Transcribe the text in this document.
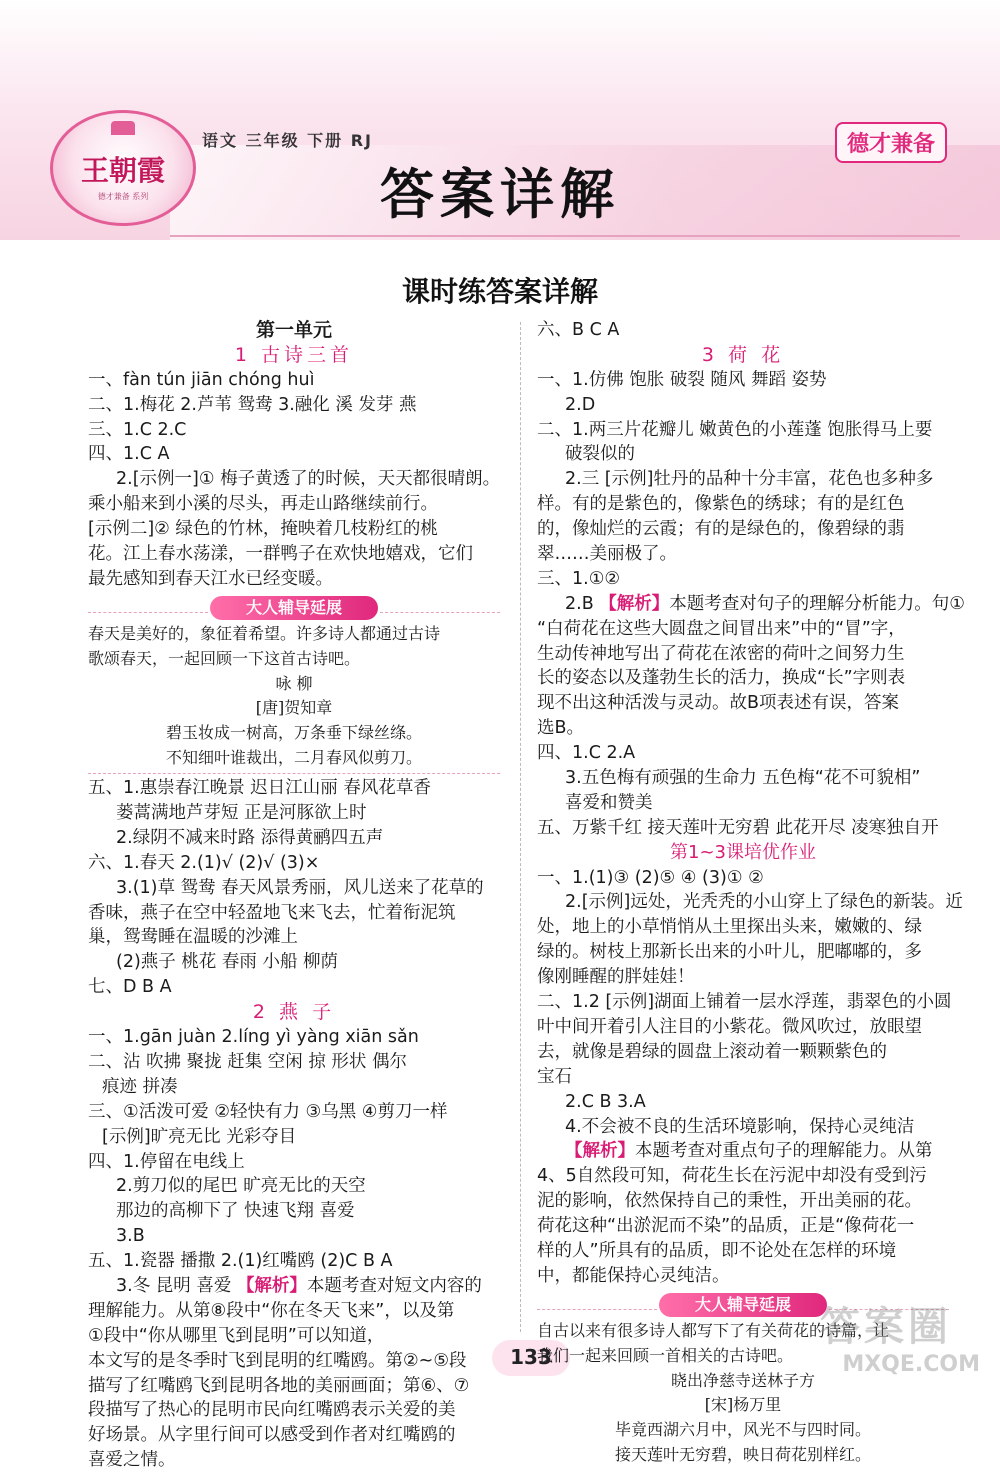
王朝霞
德才兼备 系列
语文 三年级 下册 RJ	德才兼备
答案详解
课时练答案详解
第一单元
1 古诗三首
一、fàn tún jiān chóng huì
二、1.梅花 2.芦苇 鸳鸯 3.融化 溪 发芽 燕
三、1.C 2.C
四、1.C A
2.[示例一]① 梅子黄透了的时候，天天都很晴朗。
乘小船来到小溪的尽头，再走山路继续前行。
[示例二]② 绿色的竹林，掩映着几枝粉红的桃
花。江上春水荡漾，一群鸭子在欢快地嬉戏，它们
最先感知到春天江水已经变暖。
大人辅导延展
春天是美好的，象征着希望。许多诗人都通过古诗
歌颂春天，一起回顾一下这首古诗吧。
咏 柳
[唐]贺知章
碧玉妆成一树高，万条垂下绿丝绦。
不知细叶谁裁出，二月春风似剪刀。
五、1.惠崇春江晚景 迟日江山丽 春风花草香
蒌蒿满地芦芽短 正是河豚欲上时
2.绿阴不减来时路 添得黄鹂四五声
六、1.春天 2.(1)√ (2)√ (3)×
3.(1)草 鸳鸯 春天风景秀丽，风儿送来了花草的
香味，燕子在空中轻盈地飞来飞去，忙着衔泥筑
巢，鸳鸯睡在温暖的沙滩上
(2)燕子 桃花 春雨 小船 柳荫
七、D B A
2 燕 子
一、1.gān juàn 2.líng yì yàng xiān sǎn
二、沾 吹拂 聚拢 赶集 空闲 掠 形状 偶尔
痕迹 拼凑
三、①活泼可爱 ②轻快有力 ③乌黑 ④剪刀一样
[示例]旷亮无比 光彩夺目
四、1.停留在电线上
2.剪刀似的尾巴 旷亮无比的天空
那边的高柳下了 快速飞翔 喜爱
3.B
五、1.瓷器 播撒 2.(1)红嘴鸥 (2)C B A
3.冬 昆明 喜爱 【解析】本题考查对短文内容的
理解能力。从第⑧段中“你在冬天飞来”，以及第
①段中“你从哪里飞到昆明”可以知道，
本文写的是冬季时飞到昆明的红嘴鸥。第②~⑤段
描写了红嘴鸥飞到昆明各地的美丽画面；第⑥、⑦
段描写了热心的昆明市民向红嘴鸥表示关爱的美
好场景。从字里行间可以感受到作者对红嘴鸥的
喜爱之情。
六、B C A
3 荷 花
一、1.仿佛 饱胀 破裂 随风 舞蹈 姿势
2.D
二、1.两三片花瓣儿 嫩黄色的小莲蓬 饱胀得马上要
破裂似的
2.三 [示例]牡丹的品种十分丰富，花色也多种多
样。有的是紫色的，像紫色的绣球；有的是红色
的，像灿烂的云霞；有的是绿色的，像碧绿的翡
翠……美丽极了。
三、1.①②
2.B 【解析】本题考查对句子的理解分析能力。句①
“白荷花在这些大圆盘之间冒出来”中的“冒”字，
生动传神地写出了荷花在浓密的荷叶之间努力生
长的姿态以及蓬勃生长的活力，换成“长”字则表
现不出这种活泼与灵动。故B项表述有误，答案
选B。
四、1.C 2.A
3.五色梅有顽强的生命力 五色梅“花不可貌相”
喜爱和赞美
五、万紫千红 接天莲叶无穷碧 此花开尽 凌寒独自开
第1~3课培优作业
一、1.(1)③ (2)⑤ ④ (3)① ②
2.[示例]远处，光秃秃的小山穿上了绿色的新装。近
处，地上的小草悄悄从土里探出头来，嫩嫩的、绿
绿的。树枝上那新长出来的小叶儿，肥嘟嘟的，多
像刚睡醒的胖娃娃！
二、1.2 [示例]湖面上铺着一层水浮莲，翡翠色的小圆
叶中间开着引人注目的小紫花。微风吹过，放眼望
去，就像是碧绿的圆盘上滚动着一颗颗紫色的
宝石
2.C B 3.A
4.不会被不良的生活环境影响，保持心灵纯洁
【解析】本题考查对重点句子的理解能力。从第
4、5自然段可知，荷花生长在污泥中却没有受到污
泥的影响，依然保持自己的秉性，开出美丽的花。
荷花这种“出淤泥而不染”的品质，正是“像荷花一
样的人”所具有的品质，即不论处在怎样的环境
中，都能保持心灵纯洁。
大人辅导延展
自古以来有很多诗人都写下了有关荷花的诗篇，让
我们一起来回顾一首相关的古诗吧。
晓出净慈寺送林子方
[宋]杨万里
毕竟西湖六月中，风光不与四时同。
接天莲叶无穷碧，映日荷花别样红。
133
答案圈
MXQE.COM
